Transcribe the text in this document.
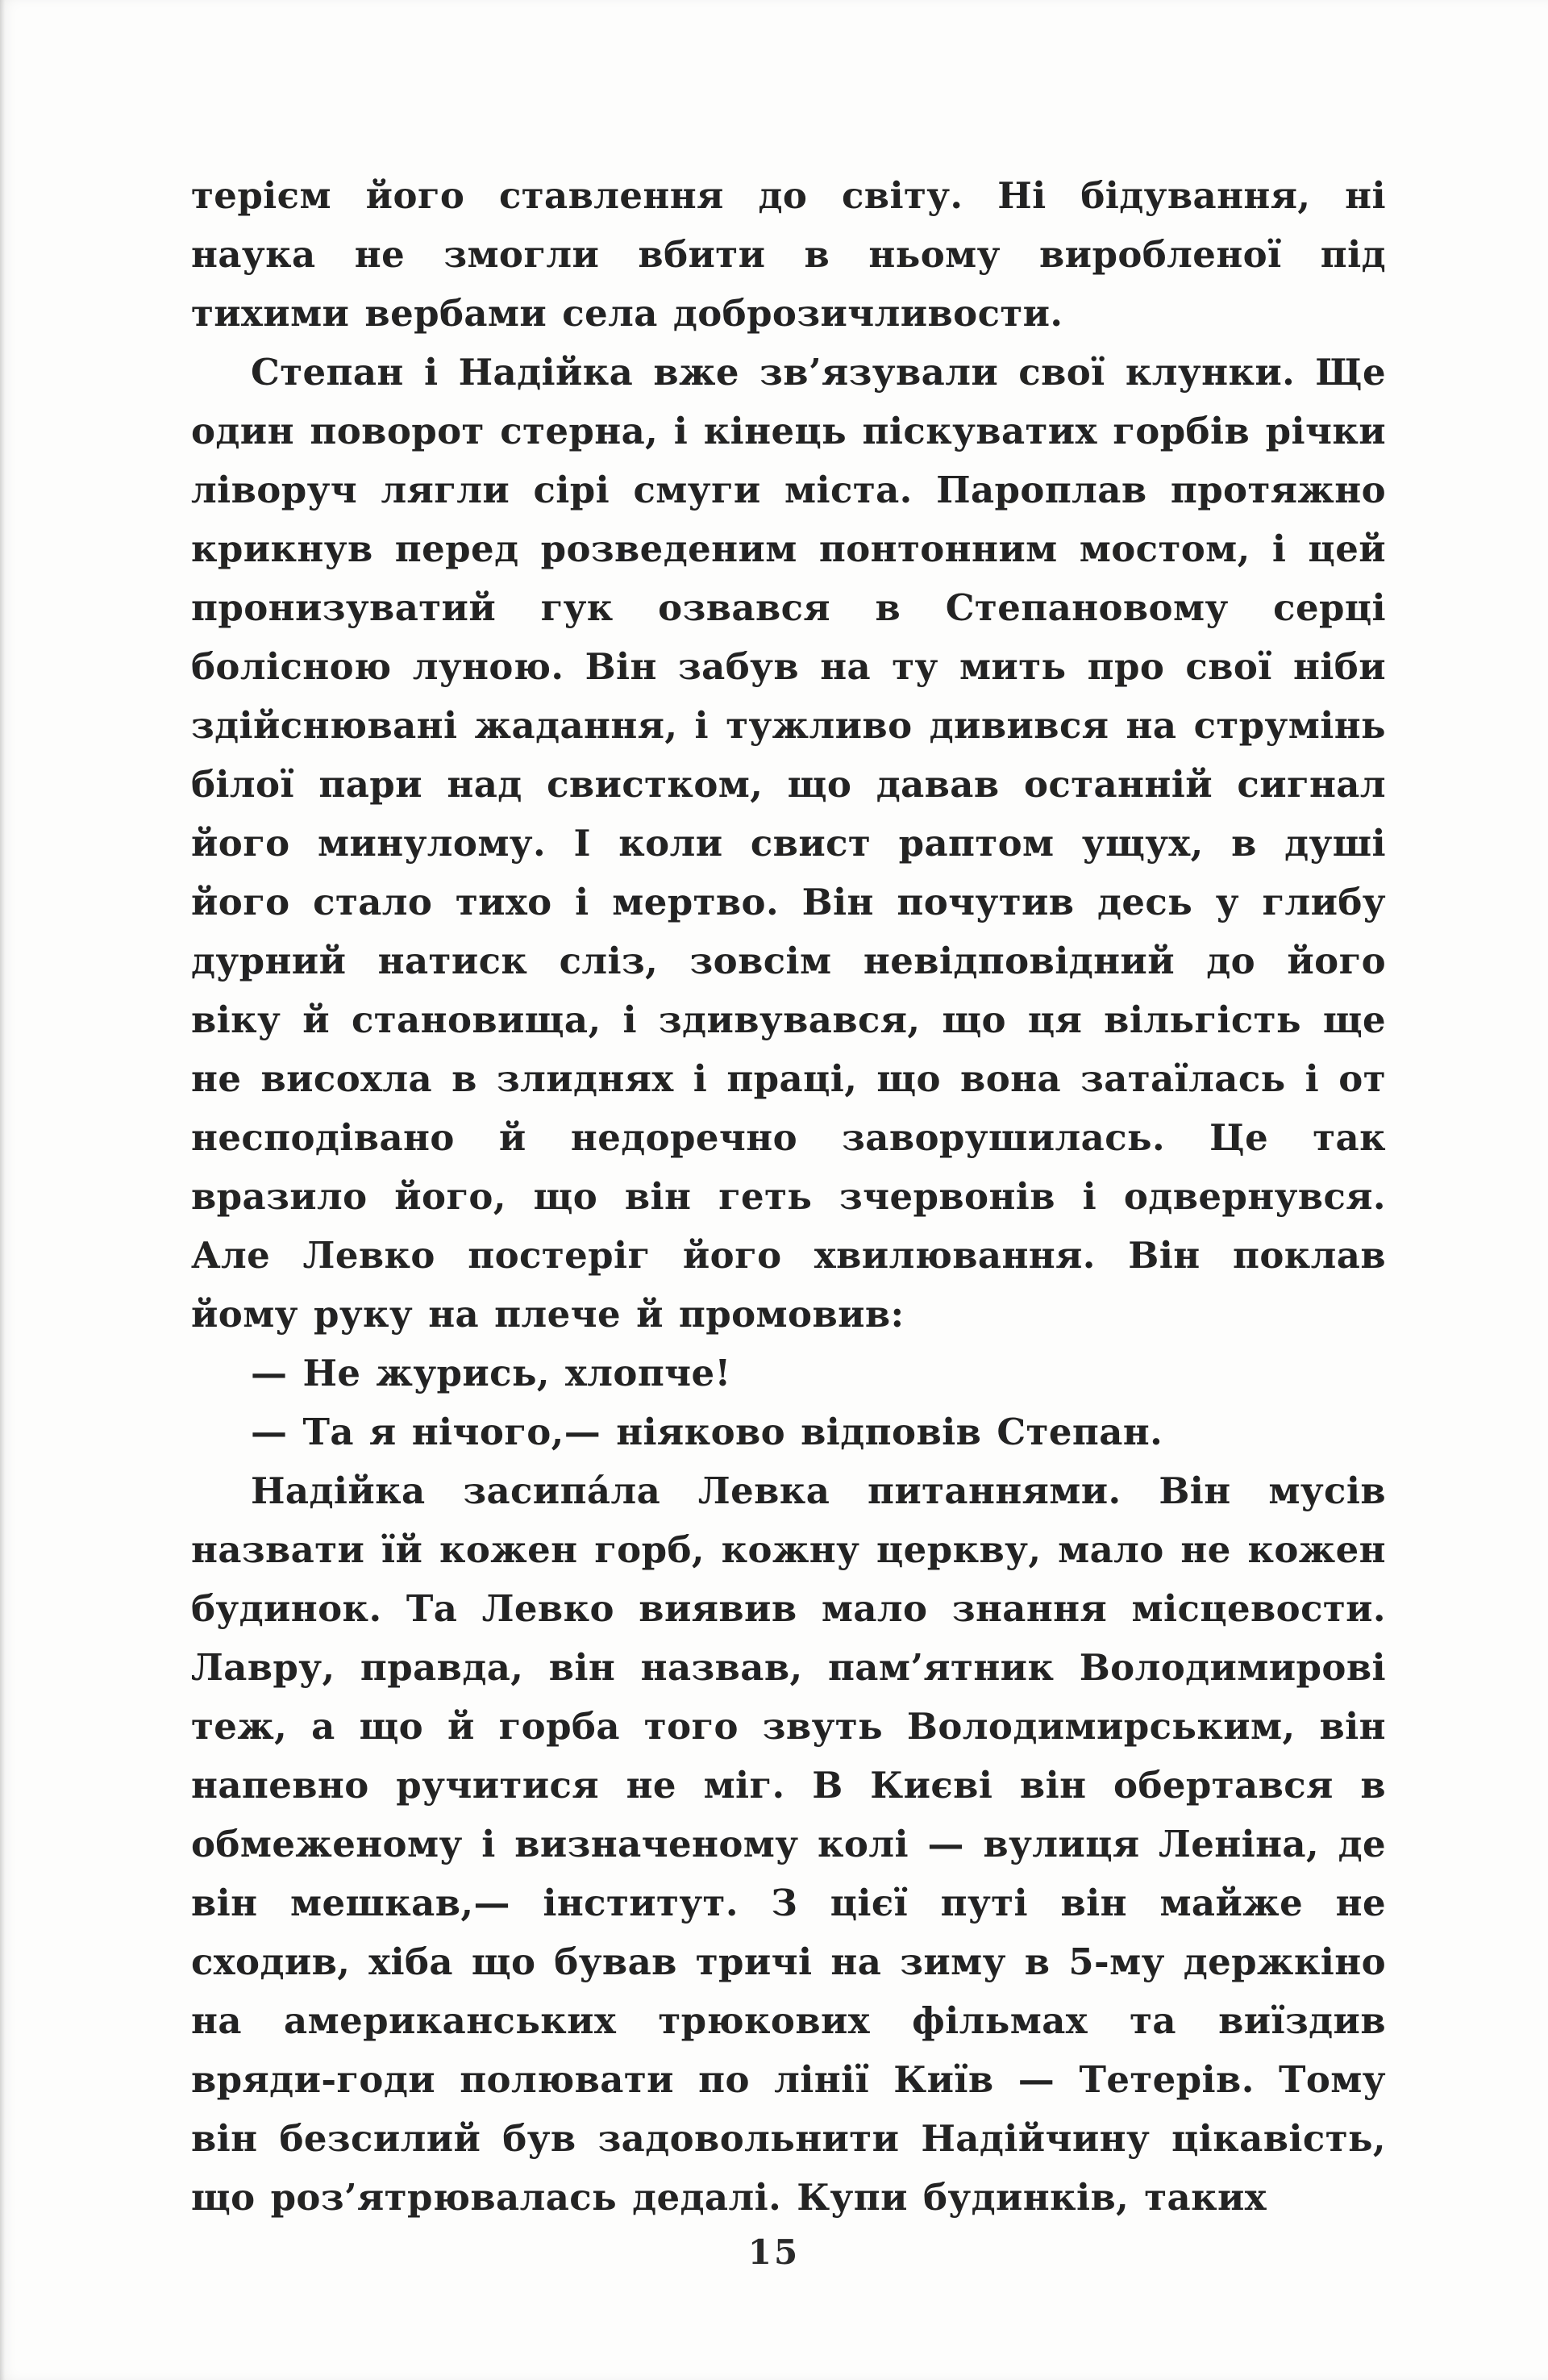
терієм його ставлення до світу. Ні бідування, ні наука не змогли вбити в ньому виробленої під тихими вербами села доброзичливости.

Степан і Надійка вже зв’язували свої клунки. Ще один поворот стерна, і кінець піскуватих горбів річки ліворуч лягли сірі смуги міста. Пароплав протяжно крикнув перед розведеним понтонним мостом, і цей пронизуватий гук озвався в Степановому серці болісною луною. Він забув на ту мить про свої ніби здійснювані жадання, і тужливо дивився на струмінь білої пари над свистком, що давав останній сигнал його минулому. І коли свист раптом ущух, в душі його стало тихо і мертво. Він почутив десь у глибу дурний натиск сліз, зовсім невідповідний до його віку й становища, і здивувався, що ця вільгість ще не висохла в злиднях і праці, що вона затаїлась і от несподівано й недоречно заворушилась. Це так вразило його, що він геть зчервонів і одвернувся. Але Левко постеріг його хвилювання. Він поклав йому руку на плече й промовив:

— Не журись, хлопче!

— Та я нічого,— ніяково відповів Степан.

Надійка засипа́ла Левка питаннями. Він мусів назвати їй кожен горб, кожну церкву, мало не кожен будинок. Та Левко виявив мало знання місцевости. Лавру, правда, він назвав, пам’ятник Володимирові теж, а що й горба того звуть Володимирським, він напевно ручитися не міг. В Києві він обертався в обмеженому і визначеному колі — вулиця Леніна, де він мешкав,— інститут. З цієї путі він майже не сходив, хіба що бував тричі на зиму в 5-му держкіно на американських трюкових фільмах та виїздив вряди-годи полювати по лінії Київ — Тетерів. Тому він безсилий був задовольнити Надійчину цікавість, що роз’ятрювалась дедалі. Купи будинків, таких

15
